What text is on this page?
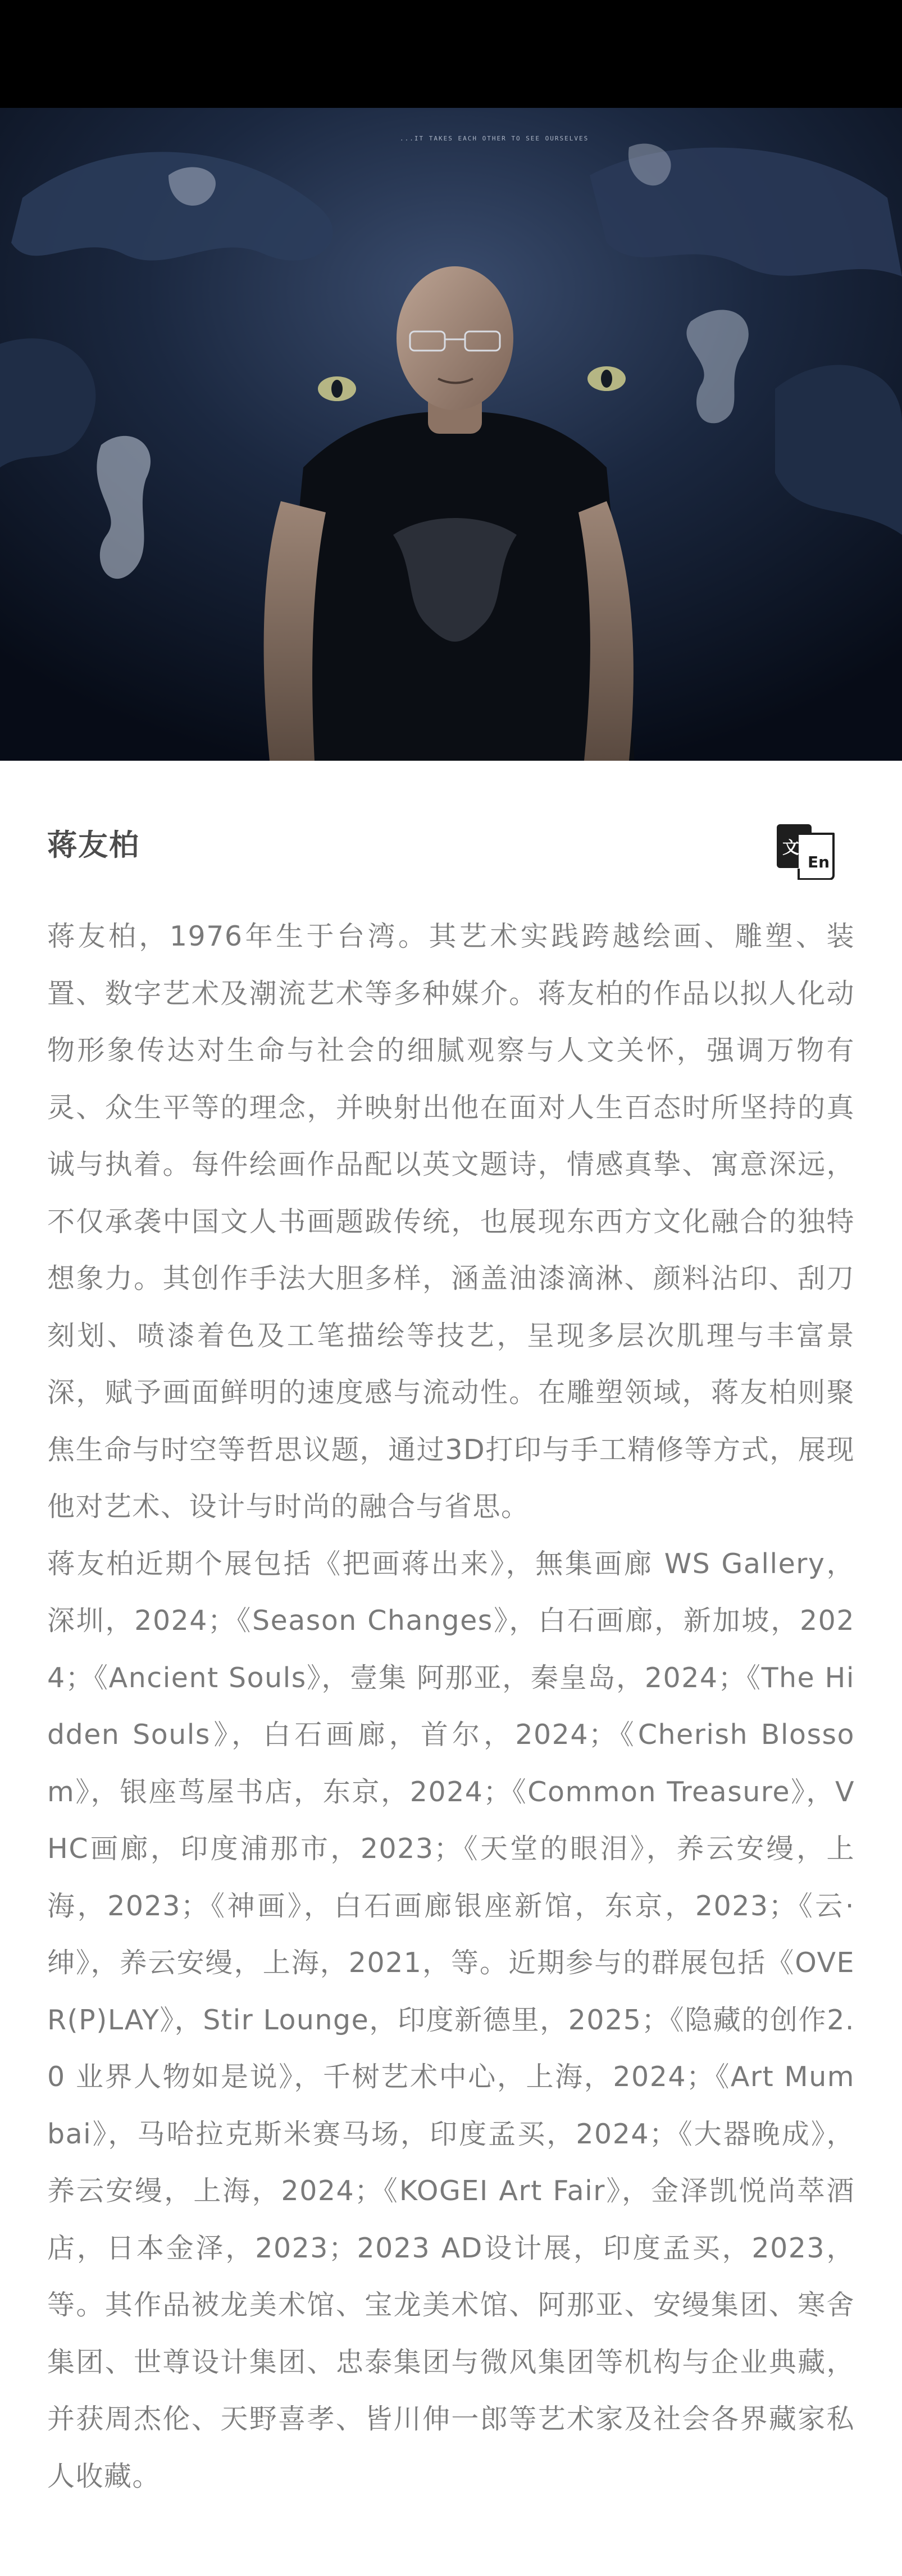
...IT TAKES EACH OTHER TO SEE OURSELVES
蒋友柏	文
En

蒋友柏，1976年生于台湾。其艺术实践跨越绘画、雕塑、装置、数字艺术及潮流艺术等多种媒介。蒋友柏的作品以拟人化动物形象传达对生命与社会的细腻观察与人文关怀，强调万物有灵、众生平等的理念，并映射出他在面对人生百态时所坚持的真诚与执着。每件绘画作品配以英文题诗，情感真挚、寓意深远，不仅承袭中国文人书画题跋传统，也展现东西方文化融合的独特想象力。其创作手法大胆多样，涵盖油漆滴淋、颜料沾印、刮刀刻划、喷漆着色及工笔描绘等技艺，呈现多层次肌理与丰富景深，赋予画面鲜明的速度感与流动性。在雕塑领域，蒋友柏则聚焦生命与时空等哲思议题，通过3D打印与手工精修等方式，展现他对艺术、设计与时尚的融合与省思。

蒋友柏近期个展包括《把画蒋出来》，無集画廊 WS Gallery，深圳，2024；《Season Changes》，白石画廊，新加坡，2024；《Ancient Souls》，壹集 阿那亚，秦皇岛，2024；《The Hidden Souls》，白石画廊，首尔，2024；《Cherish Blossom》，银座茑屋书店，东京，2024；《Common Treasure》，VHC画廊，印度浦那市，2023；《天堂的眼泪》，养云安缦，上海，2023；《神画》，白石画廊银座新馆，东京，2023；《云·绅》，养云安缦，上海，2021，等。近期参与的群展包括《OVER(P)LAY》，Stir Lounge，印度新德里，2025；《隐藏的创作2.0 业界人物如是说》，千树艺术中心，上海，2024；《Art Mumbai》，马哈拉克斯米赛马场，印度孟买，2024；《大器晚成》，养云安缦，上海，2024；《KOGEI Art Fair》，金泽凯悦尚萃酒店，日本金泽，2023；2023 AD设计展，印度孟买，2023，等。其作品被龙美术馆、宝龙美术馆、阿那亚、安缦集团、寒舍集团、世尊设计集团、忠泰集团与微风集团等机构与企业典藏，并获周杰伦、天野喜孝、皆川伸一郎等艺术家及社会各界藏家私人收藏。
